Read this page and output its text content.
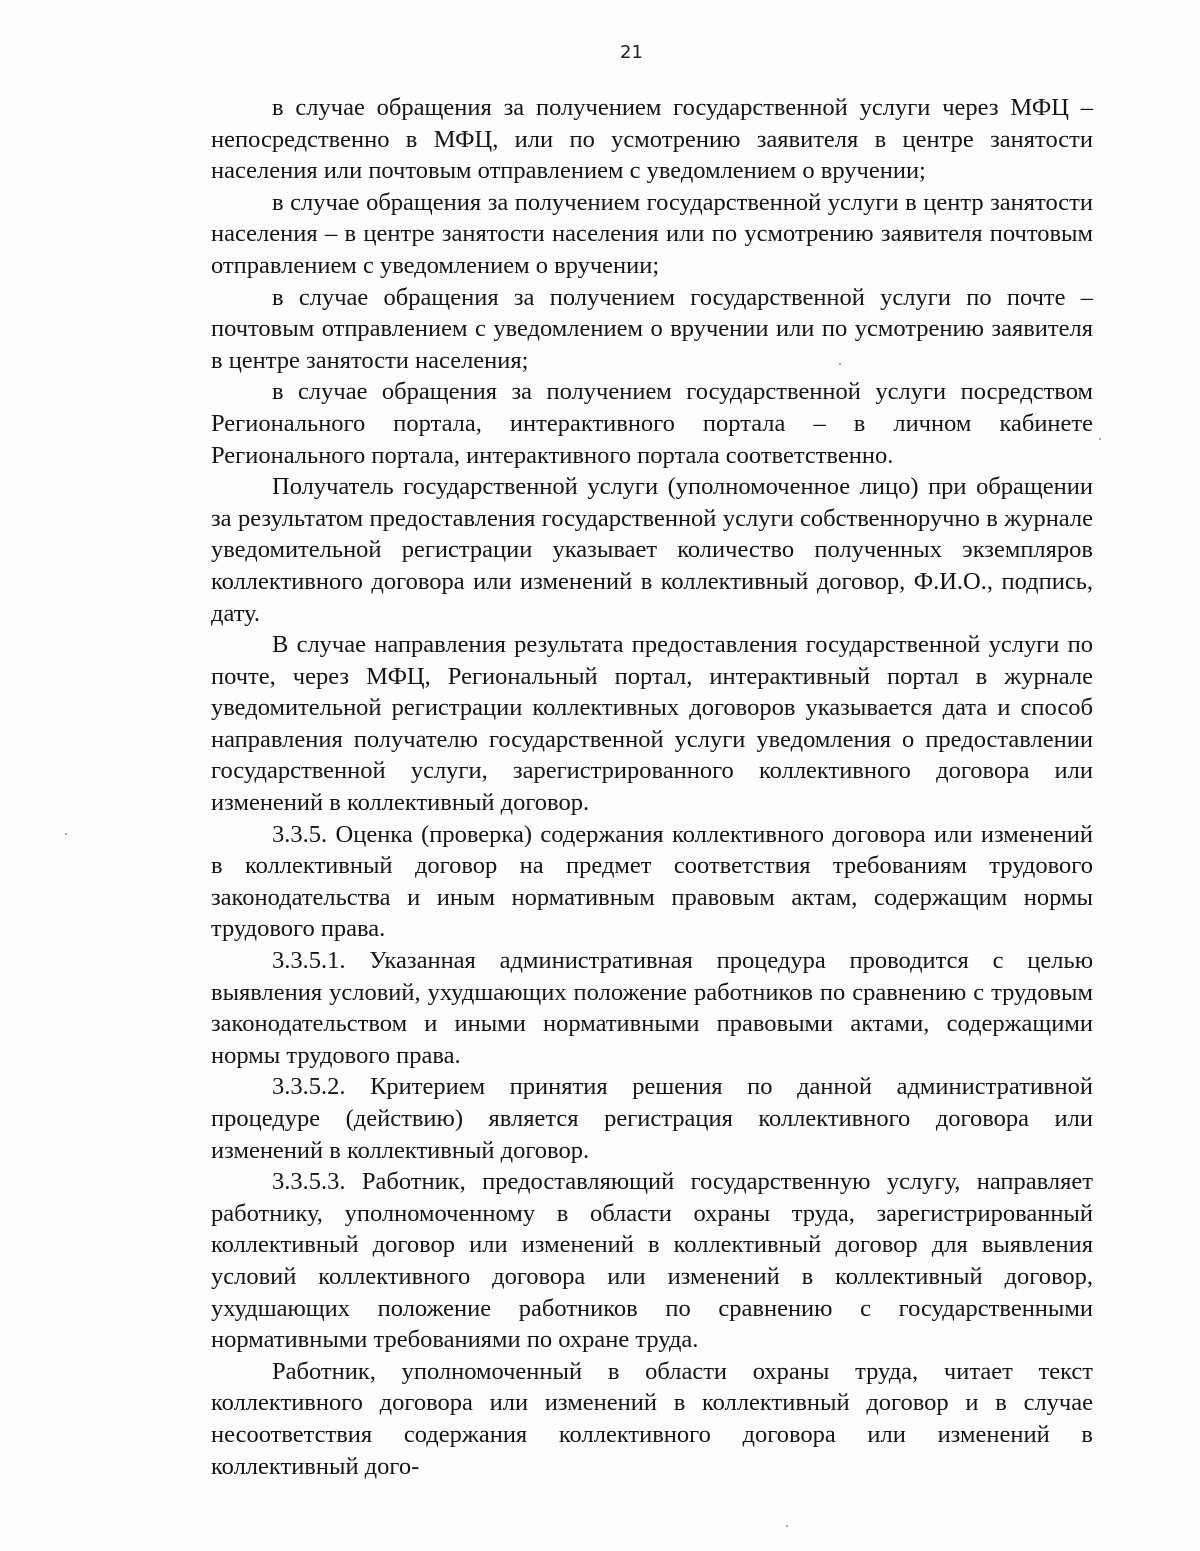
21

в случае обращения за получением государственной услуги через МФЦ – непосредственно в МФЦ, или по усмотрению заявителя в центре занятости населения или почтовым отправлением с уведомлением о вручении;

в случае обращения за получением государственной услуги в центр занятости населения – в центре занятости населения или по усмотрению заявителя почтовым отправлением с уведомлением о вручении;

в случае обращения за получением государственной услуги по почте – почтовым отправлением с уведомлением о вручении или по усмотрению заявителя в центре занятости населения;

в случае обращения за получением государственной услуги посредством Регионального портала, интерактивного портала – в личном кабинете Регионального портала, интерактивного портала соответственно.

Получатель государственной услуги (уполномоченное лицо) при обращении за результатом предоставления государственной услуги собственноручно в журнале уведомительной регистрации указывает количество полученных экземпляров коллективного договора или изменений в коллективный договор, Ф.И.О., подпись, дату.

В случае направления результата предоставления государственной услуги по почте, через МФЦ, Региональный портал, интерактивный портал в журнале уведомительной регистрации коллективных договоров указывается дата и способ направления получателю государственной услуги уведомления о предоставлении государственной услуги, зарегистрированного коллективного договора или изменений в коллективный договор.

3.3.5. Оценка (проверка) содержания коллективного договора или изменений в коллективный договор на предмет соответствия требованиям трудового законодательства и иным нормативным правовым актам, содержащим нормы трудового права.

3.3.5.1. Указанная административная процедура проводится с целью выявления условий, ухудшающих положение работников по сравнению с трудовым законодательством и иными нормативными правовыми актами, содержащими нормы трудового права.

3.3.5.2. Критерием принятия решения по данной административной процедуре (действию) является регистрация коллективного договора или изменений в коллективный договор.

3.3.5.3. Работник, предоставляющий государственную услугу, направляет работнику, уполномоченному в области охраны труда, зарегистрированный коллективный договор или изменений в коллективный договор для выявления условий коллективного договора или изменений в коллективный договор, ухудшающих положение работников по сравнению с государственными нормативными требованиями по охране труда.

Работник, уполномоченный в области охраны труда, читает текст коллективного договора или изменений в коллективный договор и в случае несоответствия содержания коллективного договора или изменений в коллективный дого-
